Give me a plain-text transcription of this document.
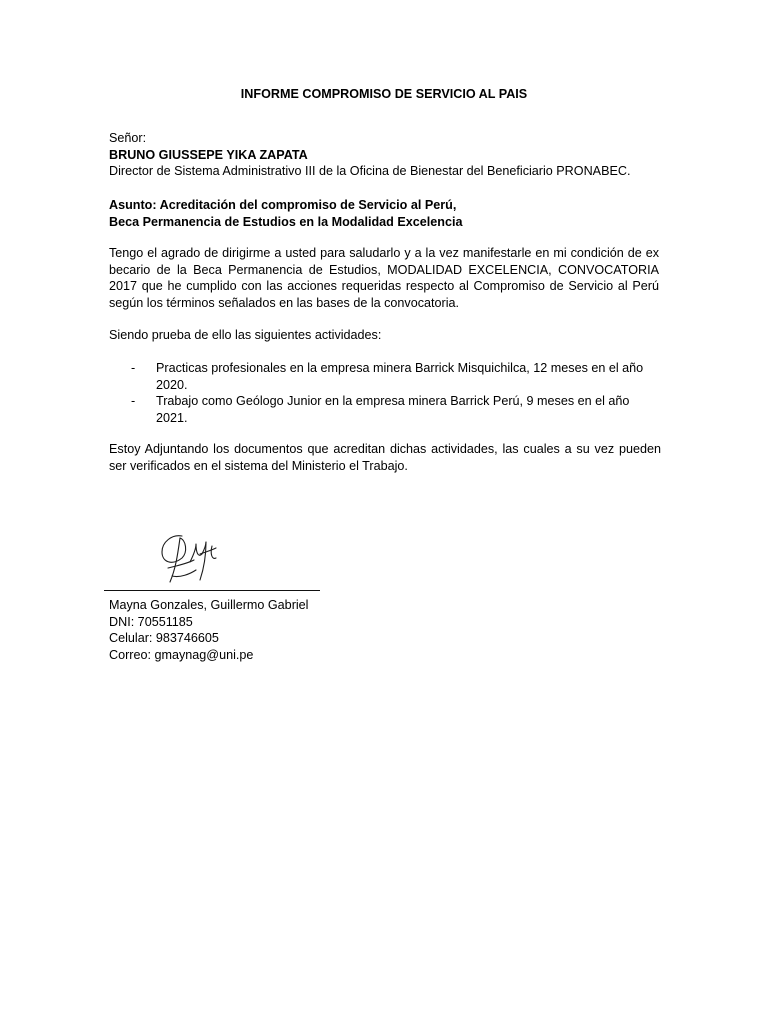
INFORME COMPROMISO DE SERVICIO AL PAIS
Señor:
BRUNO GIUSSEPE YIKA ZAPATA
Director de Sistema Administrativo III de la Oficina de Bienestar del Beneficiario PRONABEC.
Asunto: Acreditación del compromiso de Servicio al Perú,
Beca Permanencia de Estudios en la Modalidad Excelencia
Tengo el agrado de dirigirme a usted para saludarlo y a la vez manifestarle en mi condición de ex becario de la Beca Permanencia de Estudios, MODALIDAD EXCELENCIA, CONVOCATORIA 2017 que he cumplido con las acciones requeridas respecto al Compromiso de Servicio al Perú según los términos señalados en las bases de la convocatoria.
Siendo prueba de ello las siguientes actividades:
- Practicas profesionales en la empresa minera Barrick Misquichilca, 12 meses en el año 2020.
- Trabajo como Geólogo Junior en la empresa minera Barrick Perú, 9 meses en el año 2021.
Estoy Adjuntando los documentos que acreditan dichas actividades, las cuales a su vez pueden ser verificados en el sistema del Ministerio el Trabajo.
Mayna Gonzales, Guillermo Gabriel
DNI: 70551185
Celular: 983746605
Correo: gmaynag@uni.pe
